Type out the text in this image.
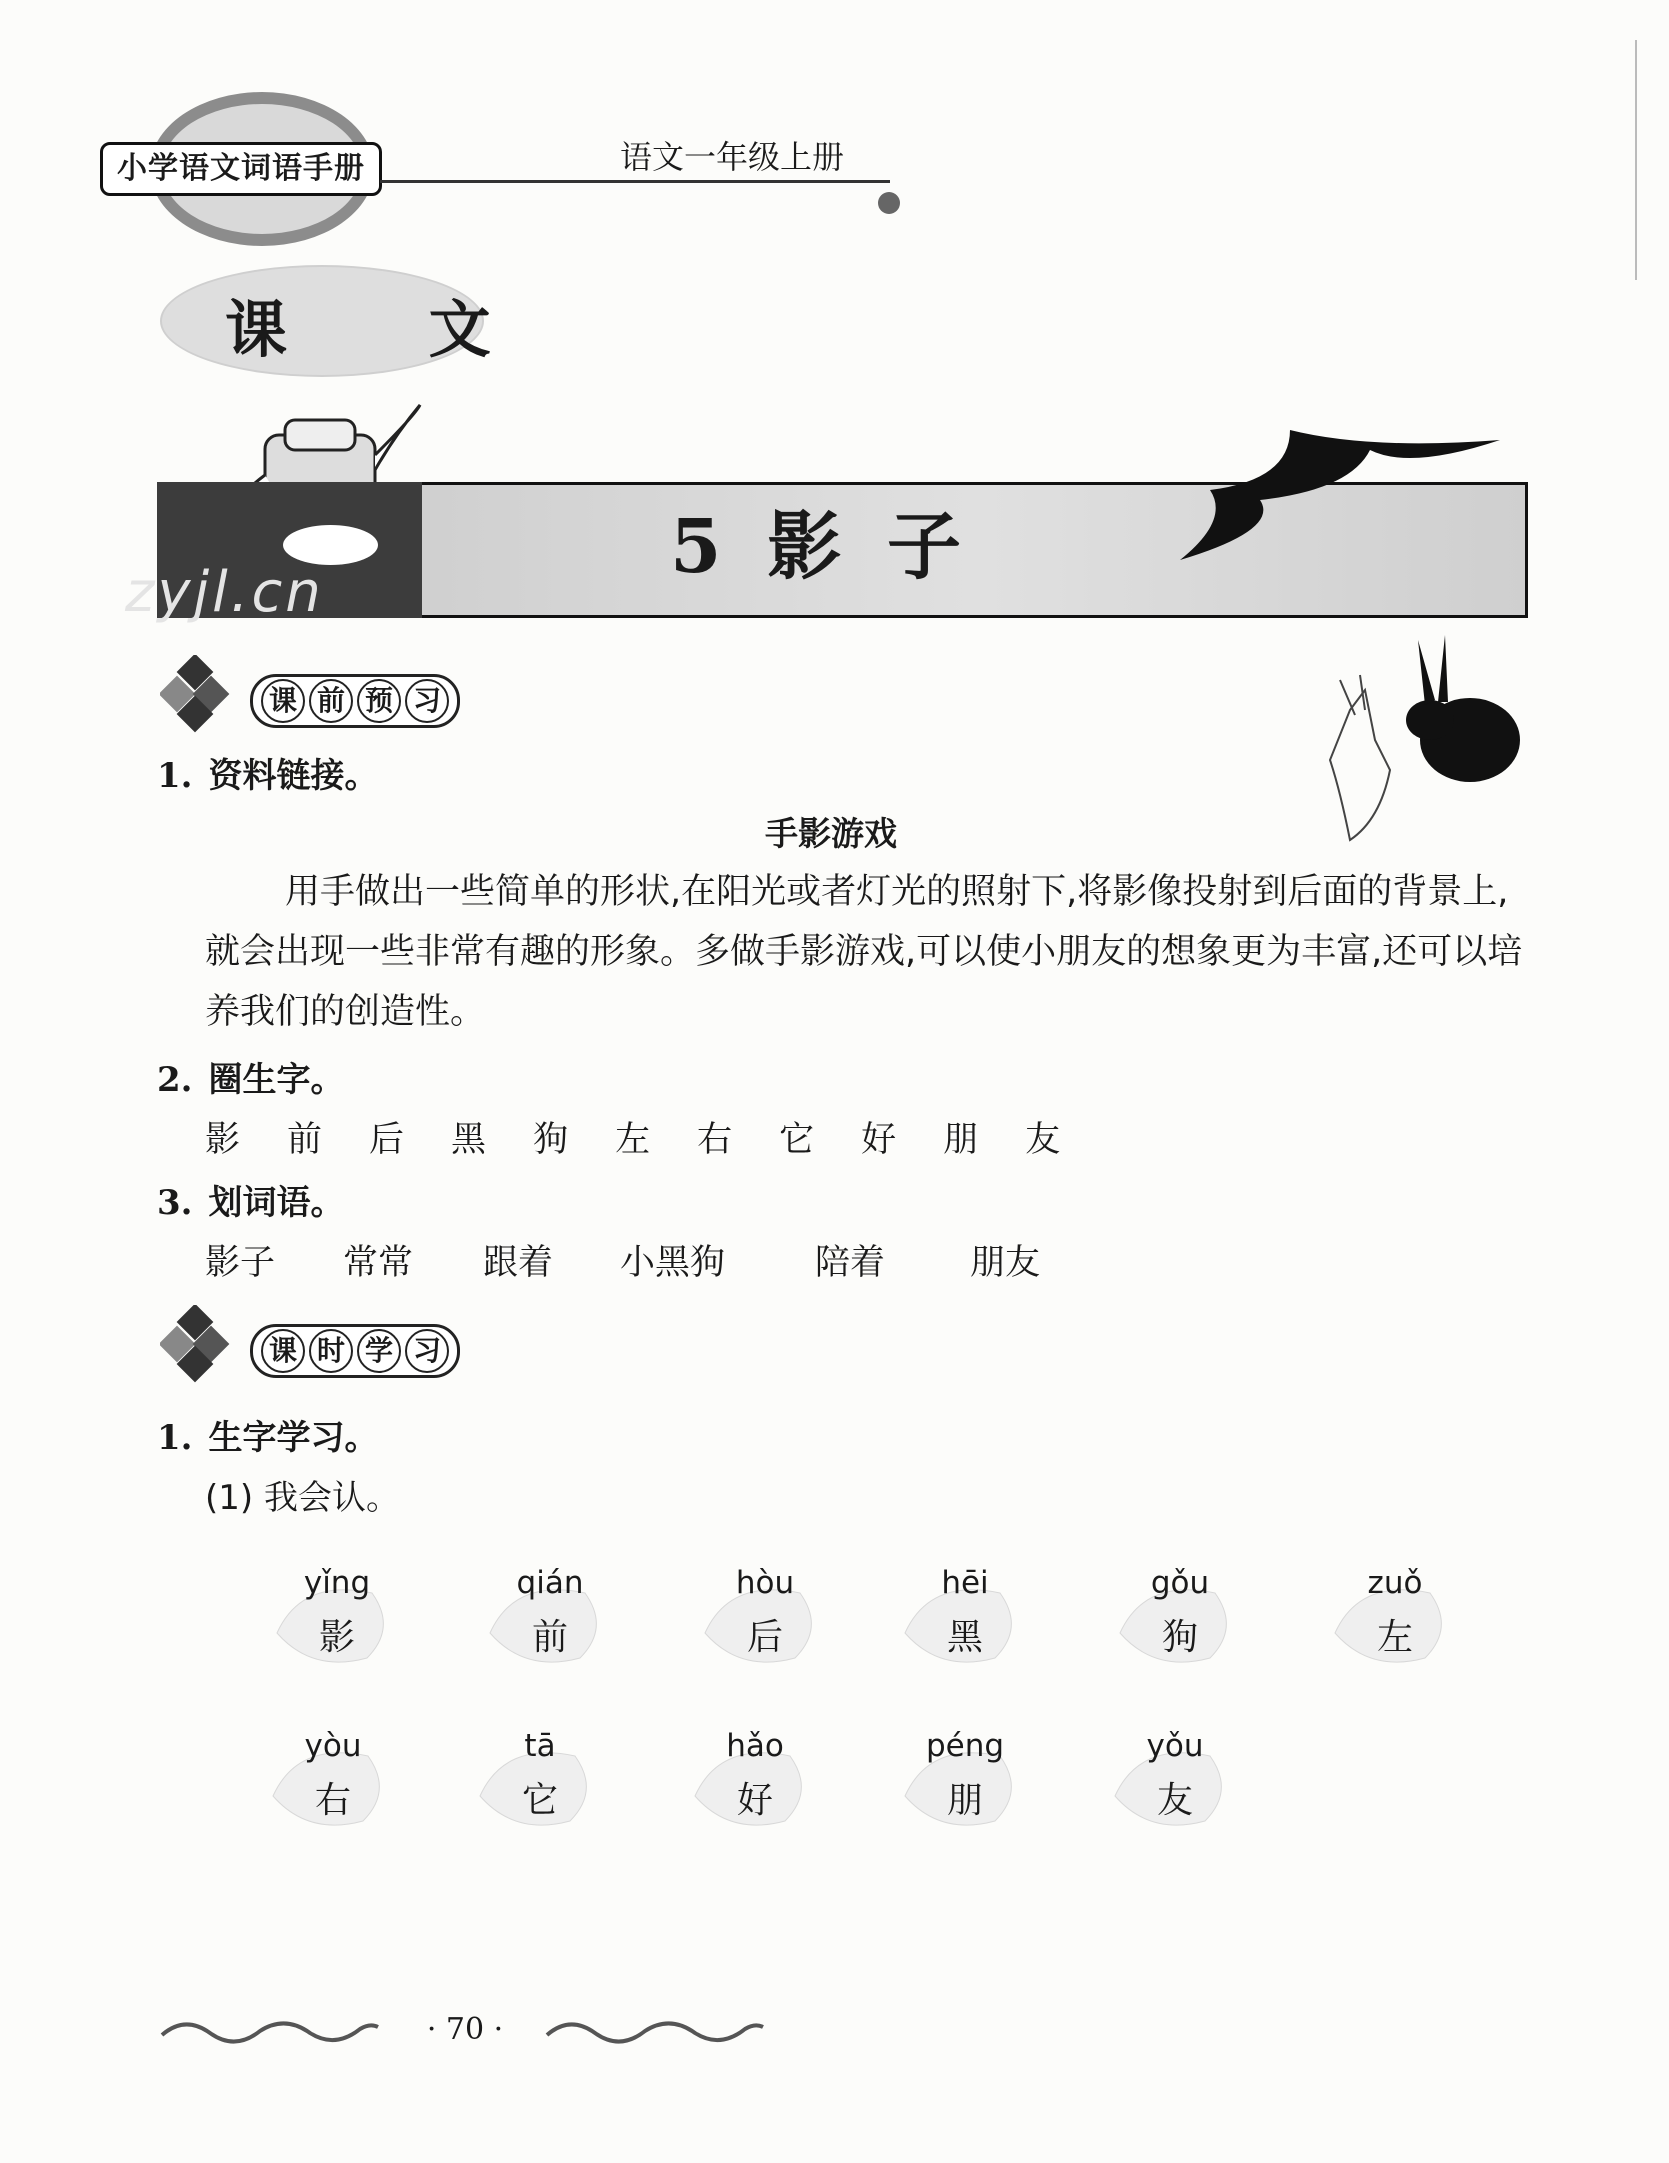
小学语文词语手册	语文一年级上册
课 文
5 影 子
zyjl.cn
课 前 预 习
1. 资料链接。
手影游戏
用手做出一些简单的形状,在阳光或者灯光的照射下,将影像投射到后面的背景上,就会出现一些非常有趣的形象。多做手影游戏,可以使小朋友的想象更为丰富,还可以培养我们的创造性。
2. 圈生字。
影 前 后 黑 狗 左 右 它 好 朋 友
3. 划词语。
影子 常常 跟着 小黑狗	陪着 朋友
课 时 学 习
1. 生字学习。
(1) 我会认。
yǐng
影
qián
前
hòu
后
hēi
黑
gǒu
狗
zuǒ
左
yòu
右
tā
它
hǎo
好
péng
朋
yǒu
友
· 70 ·
